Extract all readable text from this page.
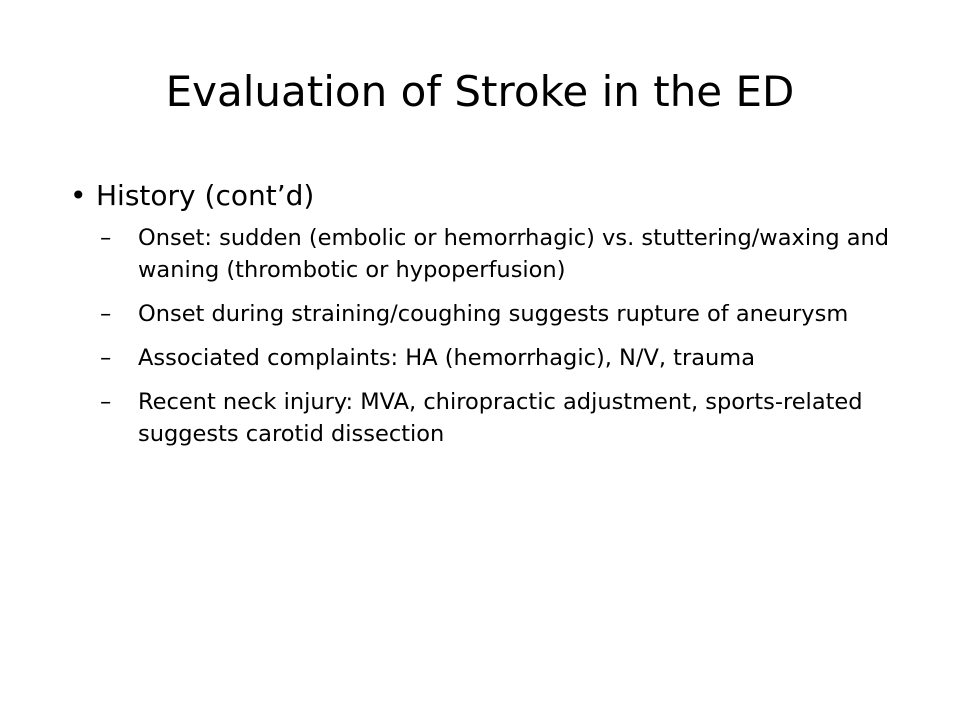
Evaluation of Stroke in the ED
• History (cont’d)
– Onset: sudden (embolic or hemorrhagic) vs. stuttering/waxing and waning (thrombotic or hypoperfusion)
– Onset during straining/coughing suggests rupture of aneurysm
– Associated complaints: HA (hemorrhagic), N/V, trauma
– Recent neck injury: MVA, chiropractic adjustment, sports-related suggests carotid dissection
